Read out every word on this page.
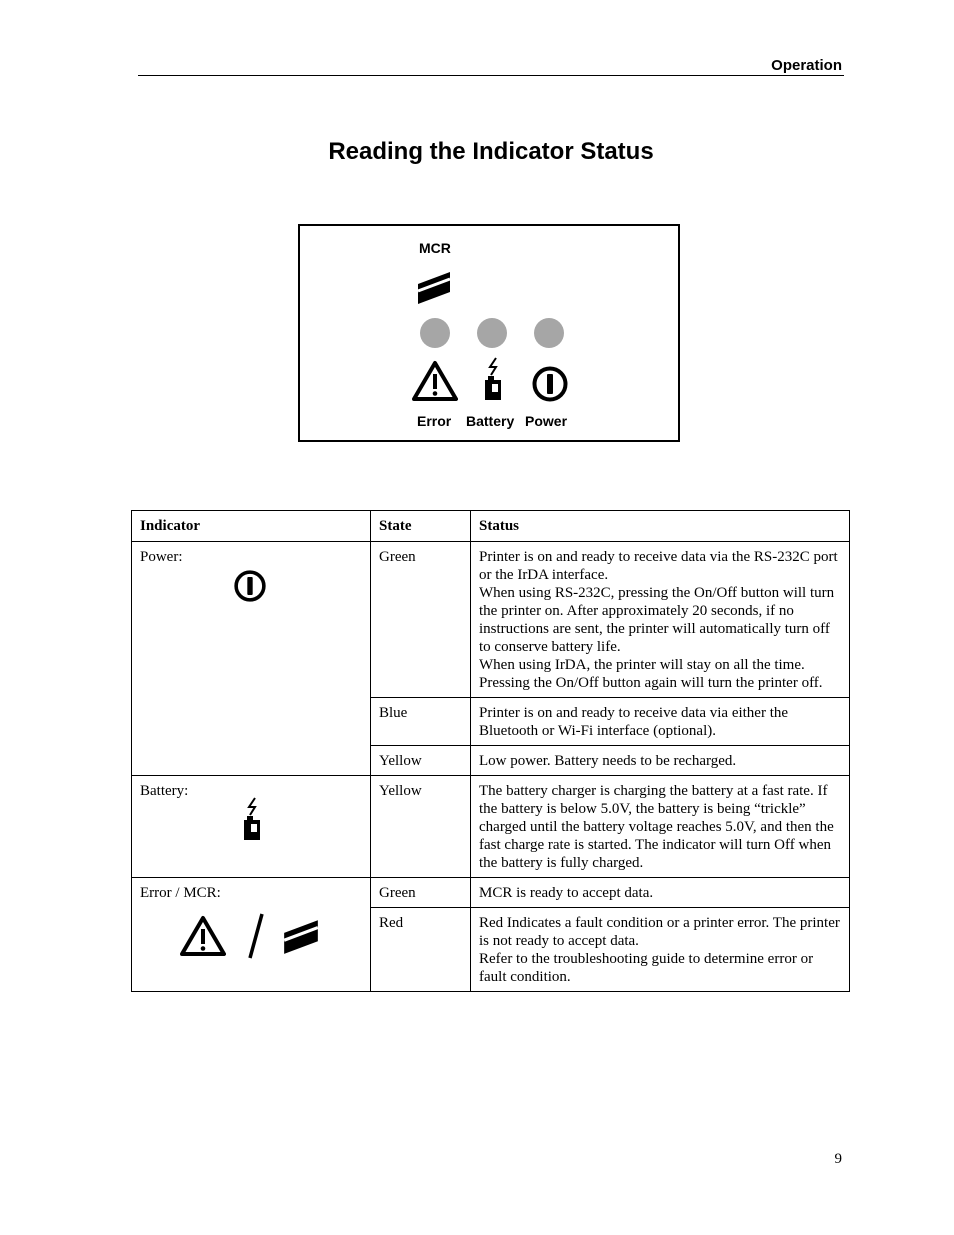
Operation
Reading the Indicator Status
MCR
Error Battery Power
Indicator	State	Status

Power:	Green	Printer is on and ready to receive data via the RS-232C port or the IrDA interface.

When using RS-232C, pressing the On/Off button will turn the printer on. After approximately 20 seconds, if no instructions are sent, the printer will automatically turn off to conserve battery life.

When using IrDA, the printer will stay on all the time. Pressing the On/Off button again will turn the printer off.

	Blue	Printer is on and ready to receive data via either the Bluetooth or Wi-Fi interface (optional).

	Yellow	Low power. Battery needs to be recharged.

Battery:	Yellow	The battery charger is charging the battery at a fast rate. If the battery is below 5.0V, the battery is being “trickle” charged until the battery voltage reaches 5.0V, and then the fast charge rate is started. The indicator will turn Off when the battery is fully charged.

Error / MCR:	Green	MCR is ready to accept data.

	Red	Red Indicates a fault condition or a printer error. The printer is not ready to accept data.

Refer to the troubleshooting guide to determine error or fault condition.

9
